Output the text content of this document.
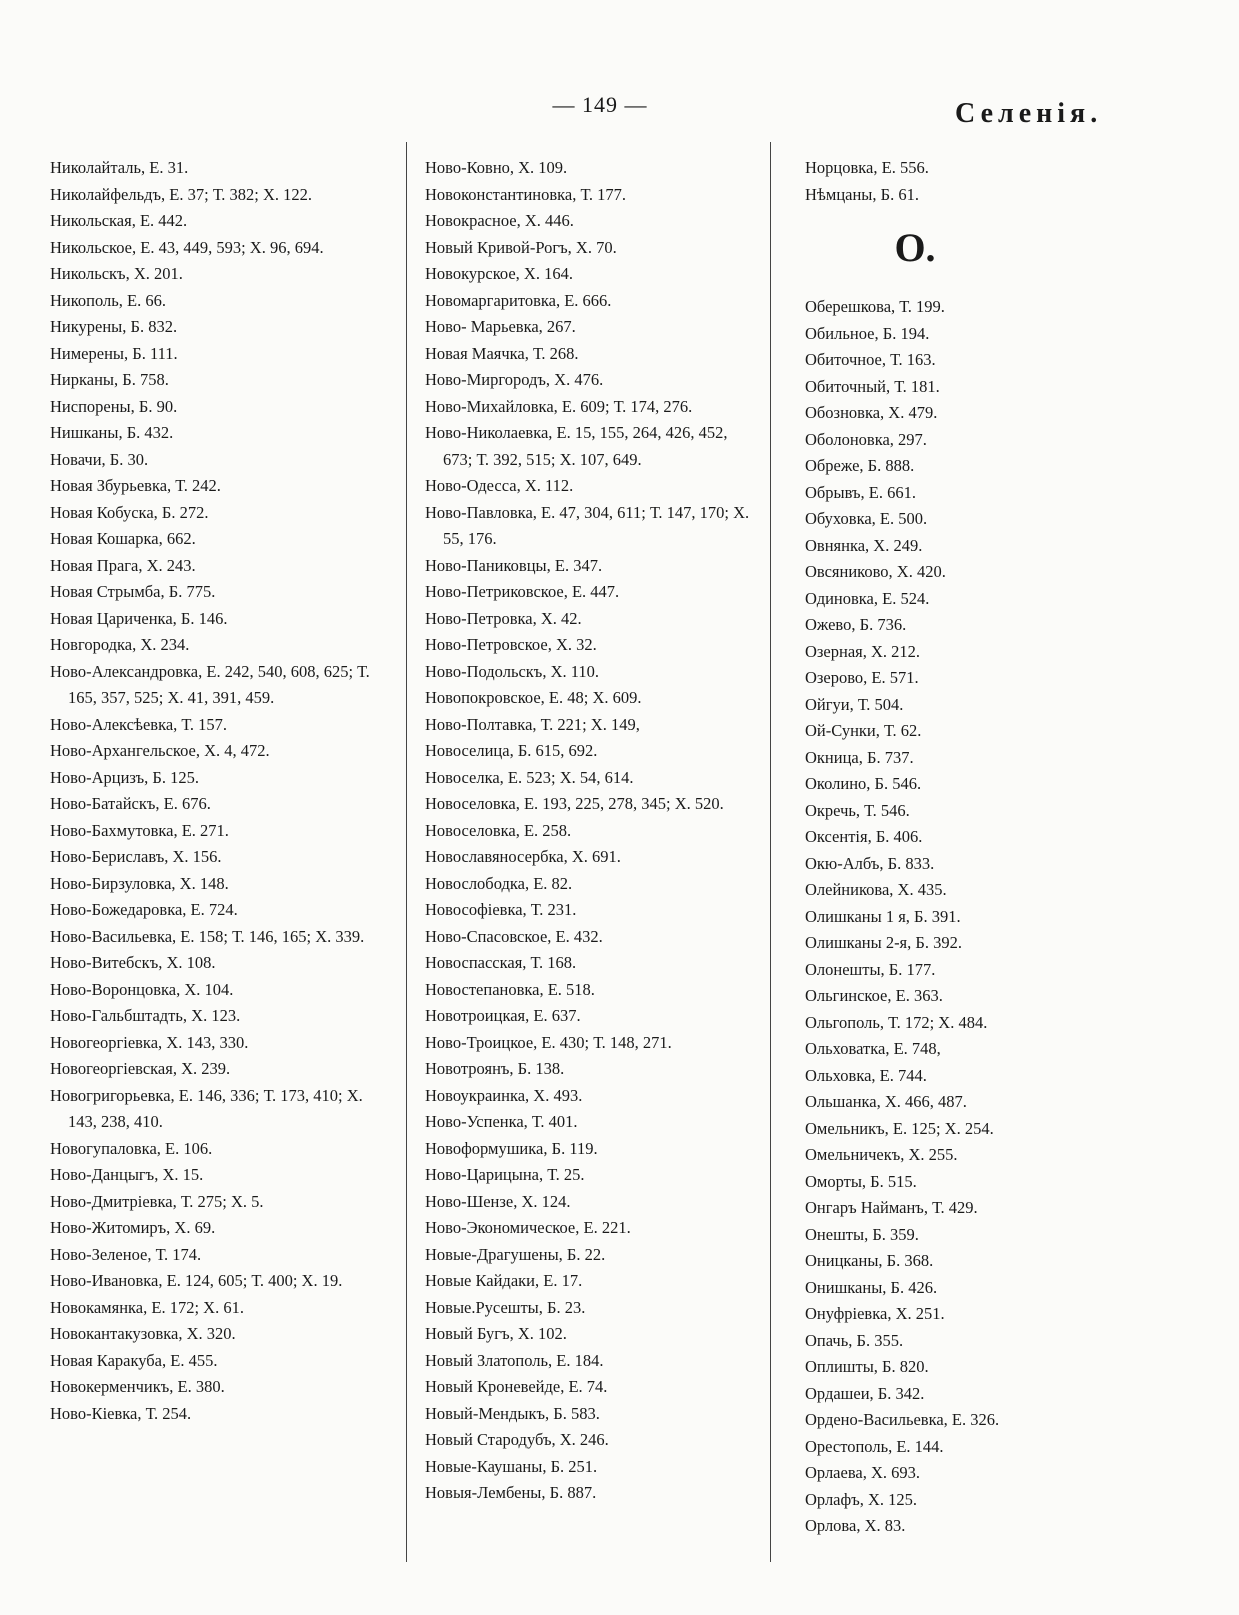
— 149 —	Селенія.
Николайталь, Е. 31.
Николайфельдъ, Е. 37; Т. 382; Х. 122.
Никольская, Е. 442.
Никольское, Е. 43, 449, 593; Х. 96, 694.
Никольскъ, Х. 201.
Никополь, Е. 66.
Никурены, Б. 832.
Нимерены, Б. 111.
Нирканы, Б. 758.
Ниспорены, Б. 90.
Нишканы, Б. 432.
Новачи, Б. 30.
Новая Збурьевка, Т. 242.
Новая Кобуска, Б. 272.
Новая Кошарка, 662.
Новая Прага, Х. 243.
Новая Стрымба, Б. 775.
Новая Цариченка, Б. 146.
Новгородка, Х. 234.
Ново-Александровка, Е. 242, 540, 608, 625; Т. 165, 357, 525; Х. 41, 391, 459.
Ново-Алексѣевка, Т. 157.
Ново-Архангельское, Х. 4, 472.
Ново-Арцизъ, Б. 125.
Ново-Батайскъ, Е. 676.
Ново-Бахмутовка, Е. 271.
Ново-Бериславъ, Х. 156.
Ново-Бирзуловка, Х. 148.
Ново-Божедаровка, Е. 724.
Ново-Васильевка, Е. 158; Т. 146, 165; Х. 339.
Ново-Витебскъ, Х. 108.
Ново-Воронцовка, Х. 104.
Ново-Гальбштадть, Х. 123.
Новогеоргіевка, Х. 143, 330.
Новогеоргіевская, Х. 239.
Новогригорьевка, Е. 146, 336; Т. 173, 410; Х. 143, 238, 410.
Новогупаловка, Е. 106.
Ново-Данцыгъ, Х. 15.
Ново-Дмитріевка, Т. 275; Х. 5.
Ново-Житомиръ, Х. 69.
Ново-Зеленое, Т. 174.
Ново-Ивановка, Е. 124, 605; Т. 400; Х. 19.
Новокамянка, Е. 172; Х. 61.
Новокантакузовка, Х. 320.
Новая Каракуба, Е. 455.
Новокерменчикъ, Е. 380.
Ново-Кіевка, Т. 254.
Ново-Ковно, Х. 109.
Новоконстантиновка, Т. 177.
Новокрасное, Х. 446.
Новый Кривой-Рогъ, Х. 70.
Новокурское, Х. 164.
Новомаргаритовка, Е. 666.
Ново- Марьевка, 267.
Новая Маячка, Т. 268.
Ново-Миргородъ, Х. 476.
Ново-Михайловка, Е. 609; Т. 174, 276.
Ново-Николаевка, Е. 15, 155, 264, 426, 452, 673; Т. 392, 515; Х. 107, 649.
Ново-Одесса, Х. 112.
Ново-Павловка, Е. 47, 304, 611; Т. 147, 170; Х. 55, 176.
Ново-Паниковцы, Е. 347.
Ново-Петриковское, Е. 447.
Ново-Петровка, Х. 42.
Ново-Петровское, Х. 32.
Ново-Подольскъ, Х. 110.
Новопокровское, Е. 48; Х. 609.
Ново-Полтавка, Т. 221; Х. 149,
Новоселица, Б. 615, 692.
Новоселка, Е. 523; Х. 54, 614.
Новоселовка, Е. 193, 225, 278, 345; Х. 520.
Новоселовка, Е. 258.
Новославяносербка, Х. 691.
Новослободка, Е. 82.
Новософіевка, Т. 231.
Ново-Спасовское, Е. 432.
Новоспасская, Т. 168.
Новостепановка, Е. 518.
Новотроицкая, Е. 637.
Ново-Троицкое, Е. 430; Т. 148, 271.
Новотроянъ, Б. 138.
Новоукраинка, Х. 493.
Ново-Успенка, Т. 401.
Новоформушика, Б. 119.
Ново-Царицына, Т. 25.
Ново-Шензе, Х. 124.
Ново-Экономическое, Е. 221.
Новые-Драгушены, Б. 22.
Новые Кайдаки, Е. 17.
Новые.Русешты, Б. 23.
Новый Бугъ, Х. 102.
Новый Златополь, Е. 184.
Новый Кроневейде, Е. 74.
Новый-Мендыкъ, Б. 583.
Новый Стародубъ, Х. 246.
Новые-Каушаны, Б. 251.
Новыя-Лембены, Б. 887.
Норцовка, Е. 556.
Нѣмцаны, Б. 61.
О.
Оберешкова, Т. 199.
Обильное, Б. 194.
Обиточное, Т. 163.
Обиточный, Т. 181.
Обозновка, Х. 479.
Оболоновка, 297.
Обреже, Б. 888.
Обрывъ, Е. 661.
Обуховка, Е. 500.
Овнянка, Х. 249.
Овсяниково, Х. 420.
Одиновка, Е. 524.
Ожево, Б. 736.
Озерная, Х. 212.
Озерово, Е. 571.
Ойгуи, Т. 504.
Ой-Сунки, Т. 62.
Окница, Б. 737.
Околино, Б. 546.
Окречь, Т. 546.
Оксентія, Б. 406.
Окю-Албъ, Б. 833.
Олейникова, Х. 435.
Олишканы 1 я, Б. 391.
Олишканы 2-я, Б. 392.
Олонешты, Б. 177.
Ольгинское, Е. 363.
Ольгополь, Т. 172; Х. 484.
Ольховатка, Е. 748,
Ольховка, Е. 744.
Ольшанка, Х. 466, 487.
Омельникъ, Е. 125; Х. 254.
Омельничекъ, Х. 255.
Оморты, Б. 515.
Онгаръ Найманъ, Т. 429.
Онешты, Б. 359.
Оницканы, Б. 368.
Онишканы, Б. 426.
Онуфріевка, Х. 251.
Опачь, Б. 355.
Оплишты, Б. 820.
Ордашеи, Б. 342.
Ордено-Васильевка, Е. 326.
Орестополь, Е. 144.
Орлаева, Х. 693.
Орлафъ, Х. 125.
Орлова, Х. 83.
